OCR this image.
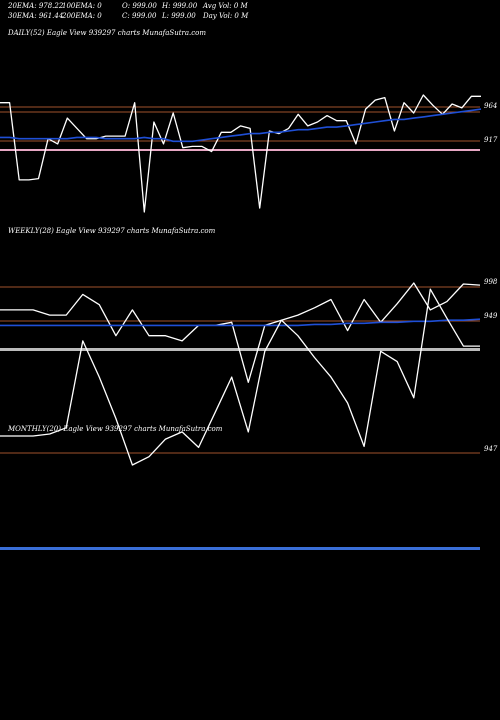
20EMA: 978.22
100EMA: 0	O: 999.00 H: 999.00 Avg Vol: 0 M
30EMA: 961.44
200EMA: 0	C: 999.00 L: 999.00 Day Vol: 0 M
DAILY(52) Eagle View 939297 charts MunafaSutra.com
WEEKLY(28) Eagle View 939297 charts MunafaSutra.com
MONTHLY(20) Eagle View 939297 charts MunafaSutra.com
964
917
998
949
947
